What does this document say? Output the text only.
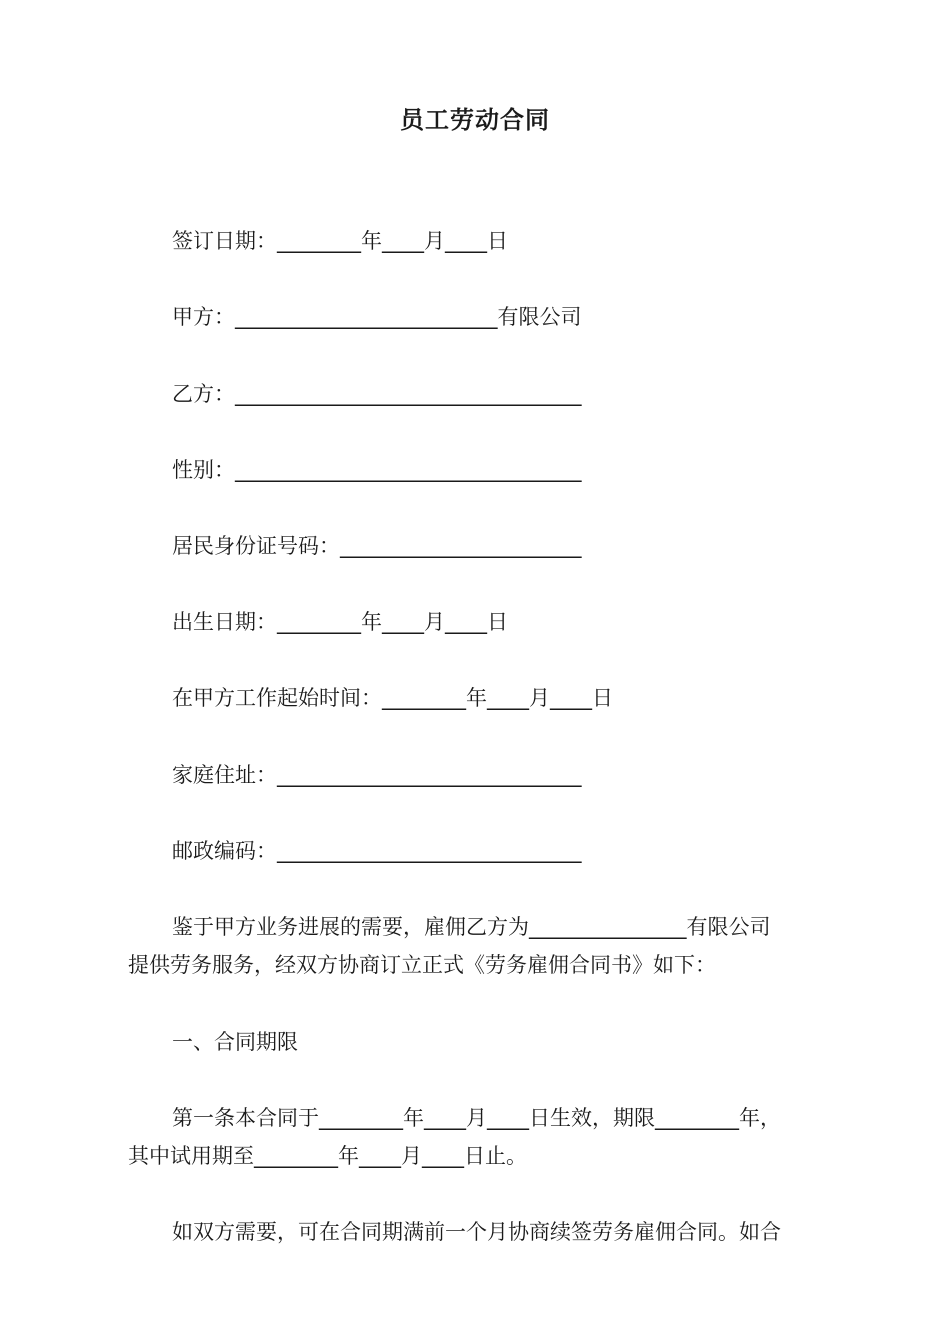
员工劳动合同
签订日期：________年____月____日
甲方：_________________________有限公司
乙方：_________________________________
性别：_________________________________
居民身份证号码：_______________________
出生日期：________年____月____日
在甲方工作起始时间：________年____月____日
家庭住址：_____________________________
邮政编码：_____________________________
鉴于甲方业务进展的需要，雇佣乙方为_______________有限公司
提供劳务服务，经双方协商订立正式《劳务雇佣合同书》如下：
一、合同期限
第一条本合同于________年____月____日生效，期限________年，
其中试用期至________年____月____日止。
如双方需要，可在合同期满前一个月协商续签劳务雇佣合同。如合
